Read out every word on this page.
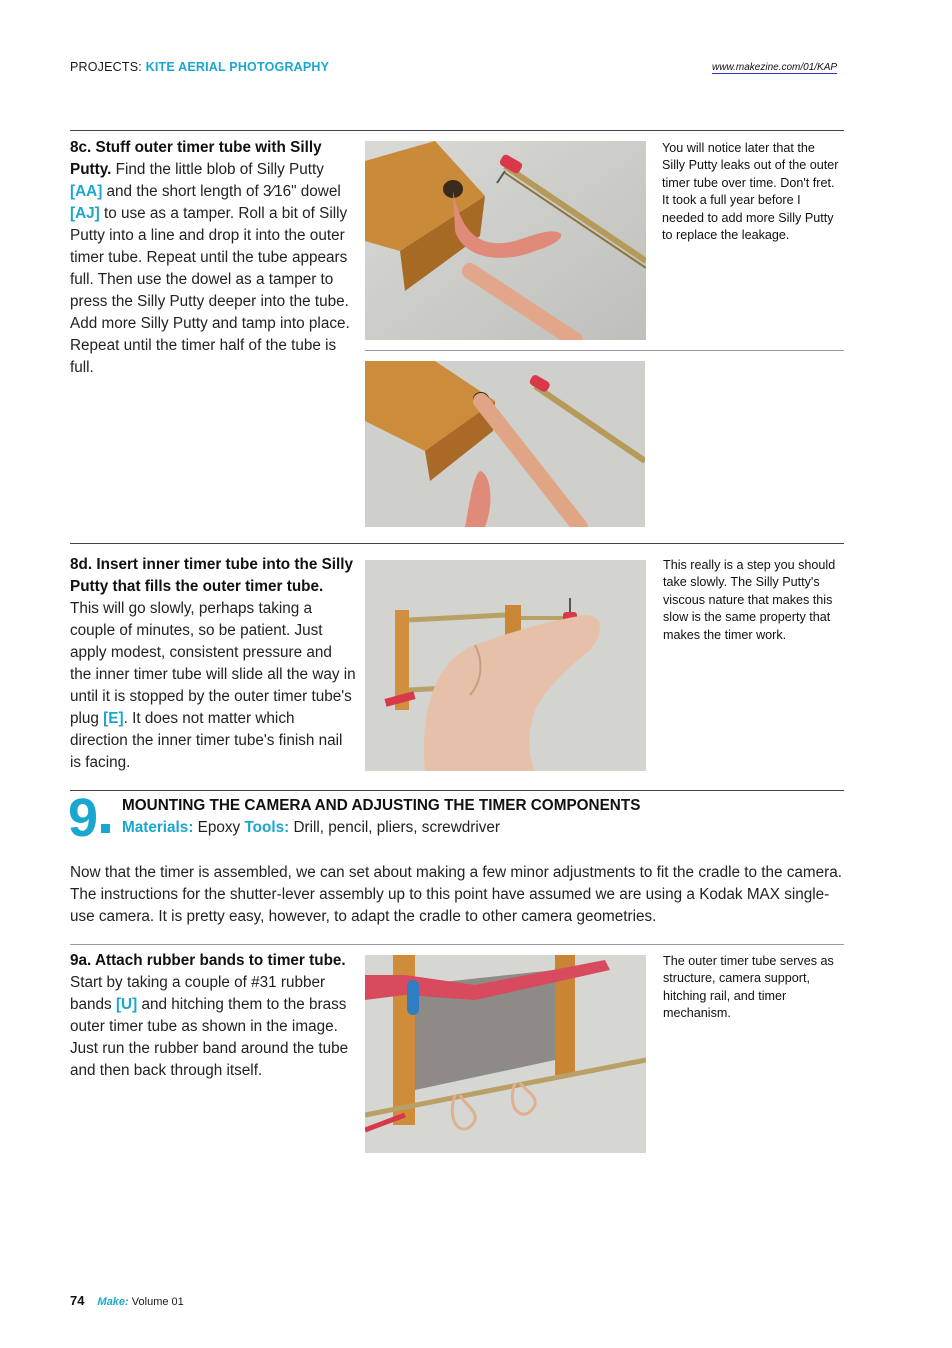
PROJECTS: KITE AERIAL PHOTOGRAPHY	www.makezine.com/01/KAP
8c. Stuff outer timer tube with Silly Putty. Find the little blob of Silly Putty [AA] and the short length of 3⁄16" dowel [AJ] to use as a tamper. Roll a bit of Silly Putty into a line and drop it into the outer timer tube. Repeat until the tube appears full. Then use the dowel as a tamper to press the Silly Putty deeper into the tube. Add more Silly Putty and tamp into place. Repeat until the timer half of the tube is full.
You will notice later that the Silly Putty leaks out of the outer timer tube over time. Don't fret. It took a full year before I needed to add more Silly Putty to replace the leakage.
8d. Insert inner timer tube into the Silly Putty that fills the outer timer tube. This will go slowly, perhaps taking a couple of minutes, so be patient. Just apply modest, consistent pressure and the inner timer tube will slide all the way in until it is stopped by the outer timer tube's plug [E]. It does not matter which direction the inner timer tube's finish nail is facing.
This really is a step you should take slowly. The Silly Putty's viscous nature that makes this slow is the same property that makes the timer work.
9 MOUNTING THE CAMERA AND ADJUSTING THE TIMER COMPONENTS
Materials: Epoxy Tools: Drill, pencil, pliers, screwdriver
Now that the timer is assembled, we can set about making a few minor adjustments to fit the cradle to the camera. The instructions for the shutter-lever assembly up to this point have assumed we are using a Kodak MAX single-use camera. It is pretty easy, however, to adapt the cradle to other camera geometries.
9a. Attach rubber bands to timer tube. Start by taking a couple of #31 rubber bands [U] and hitching them to the brass outer timer tube as shown in the image. Just run the rubber band around the tube and then back through itself.
The outer timer tube serves as structure, camera support, hitching rail, and timer mechanism.
74 Make: Volume 01
